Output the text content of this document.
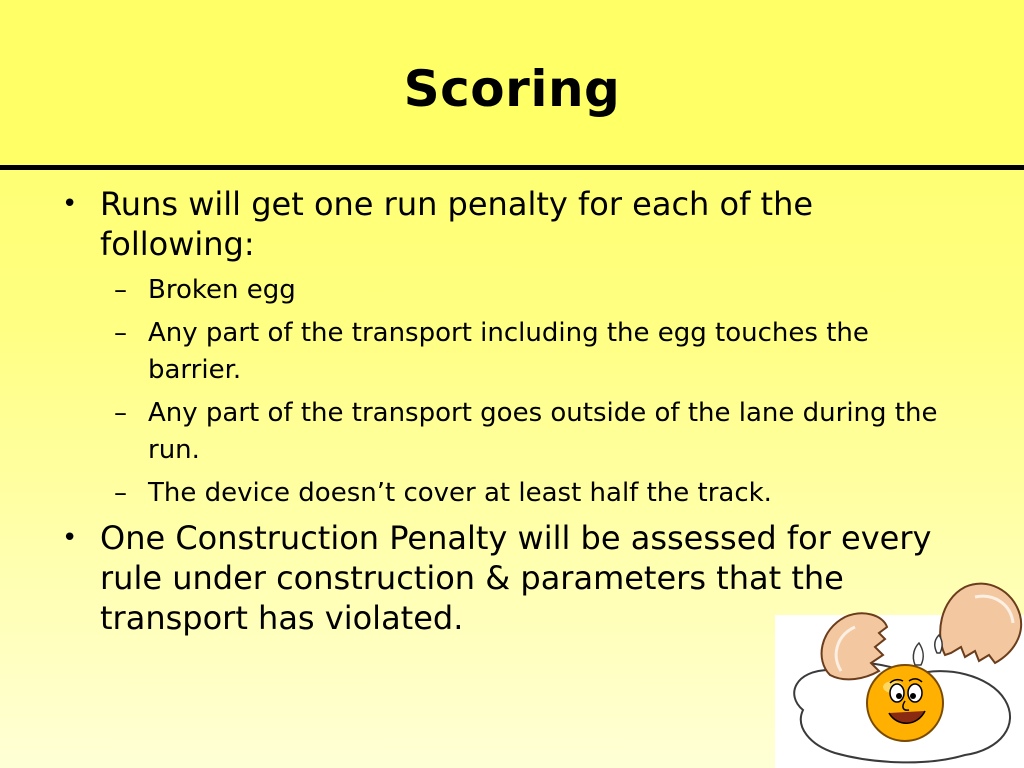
Scoring
• Runs will get one run penalty for each of the following:
– Broken egg
– Any part of the transport including the egg touches the barrier.
– Any part of the transport goes outside of the lane during the run.
– The device doesn’t cover at least half the track.
• One Construction Penalty will be assessed for every rule under construction & parameters that the transport has violated.
